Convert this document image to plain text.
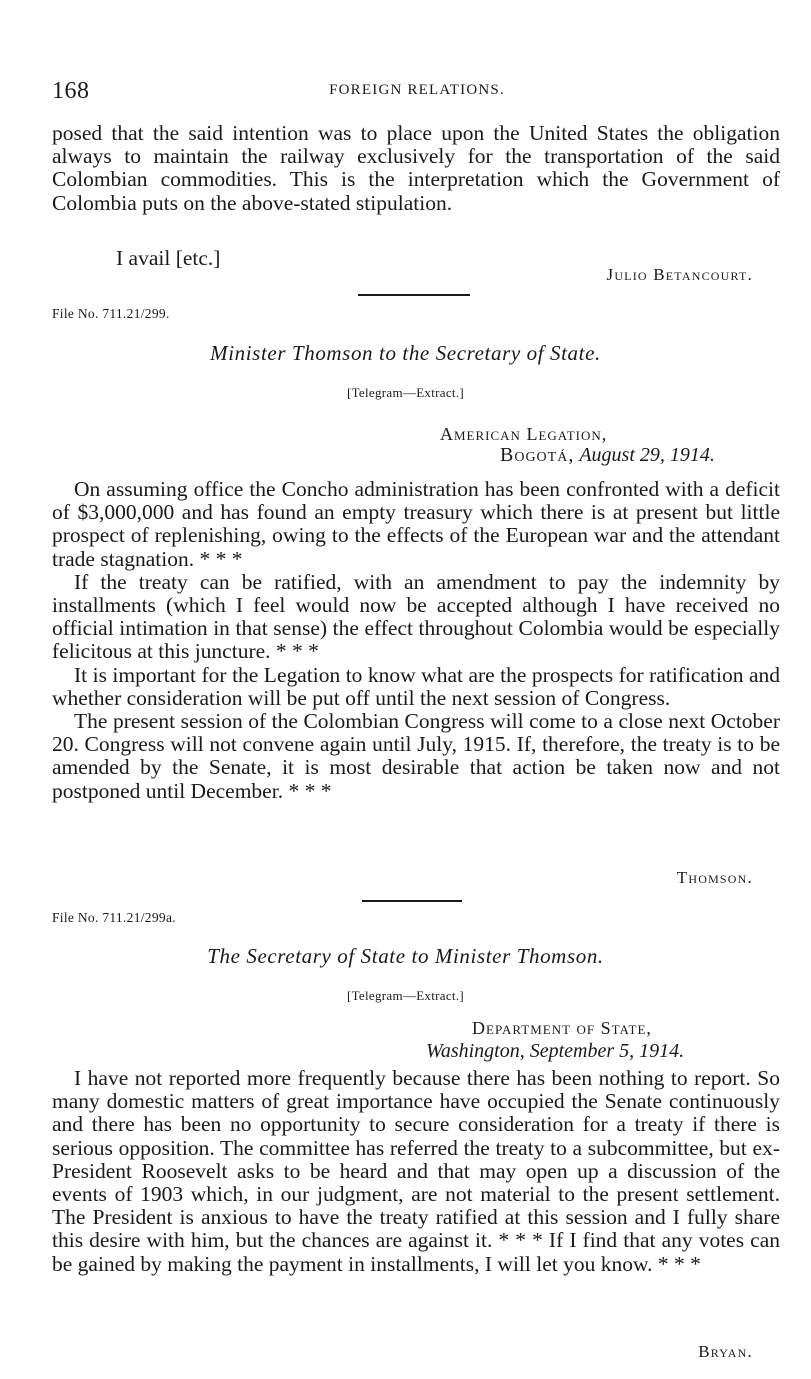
168	FOREIGN RELATIONS.

posed that the said intention was to place upon the United States the obligation always to maintain the railway exclusively for the transportation of the said Colombian commodities. This is the interpretation which the Government of Colombia puts on the above-stated stipulation.

I avail [etc.]
Julio Betancourt.
File No. 711.21/299.
Minister Thomson to the Secretary of State.
[Telegram—Extract.]
American Legation,
Bogotá, August 29, 1914.

On assuming office the Concho administration has been confronted with a deficit of $3,000,000 and has found an empty treasury which there is at present but little prospect of replenishing, owing to the effects of the European war and the attendant trade stagnation. * * *

If the treaty can be ratified, with an amendment to pay the indemnity by installments (which I feel would now be accepted although I have received no official intimation in that sense) the effect throughout Colombia would be especially felicitous at this juncture. * * *

It is important for the Legation to know what are the prospects for ratification and whether consideration will be put off until the next session of Congress.

The present session of the Colombian Congress will come to a close next October 20. Congress will not convene again until July, 1915. If, therefore, the treaty is to be amended by the Senate, it is most desirable that action be taken now and not postponed until December. * * *

Thomson.
File No. 711.21/299a.
The Secretary of State to Minister Thomson.
[Telegram—Extract.]
Department of State,
Washington, September 5, 1914.

I have not reported more frequently because there has been nothing to report. So many domestic matters of great importance have occupied the Senate continuously and there has been no opportunity to secure consideration for a treaty if there is serious opposition. The committee has referred the treaty to a subcommittee, but ex-President Roosevelt asks to be heard and that may open up a discussion of the events of 1903 which, in our judgment, are not material to the present settlement. The President is anxious to have the treaty ratified at this session and I fully share this desire with him, but the chances are against it. * * * If I find that any votes can be gained by making the payment in installments, I will let you know. * * *

Bryan.
